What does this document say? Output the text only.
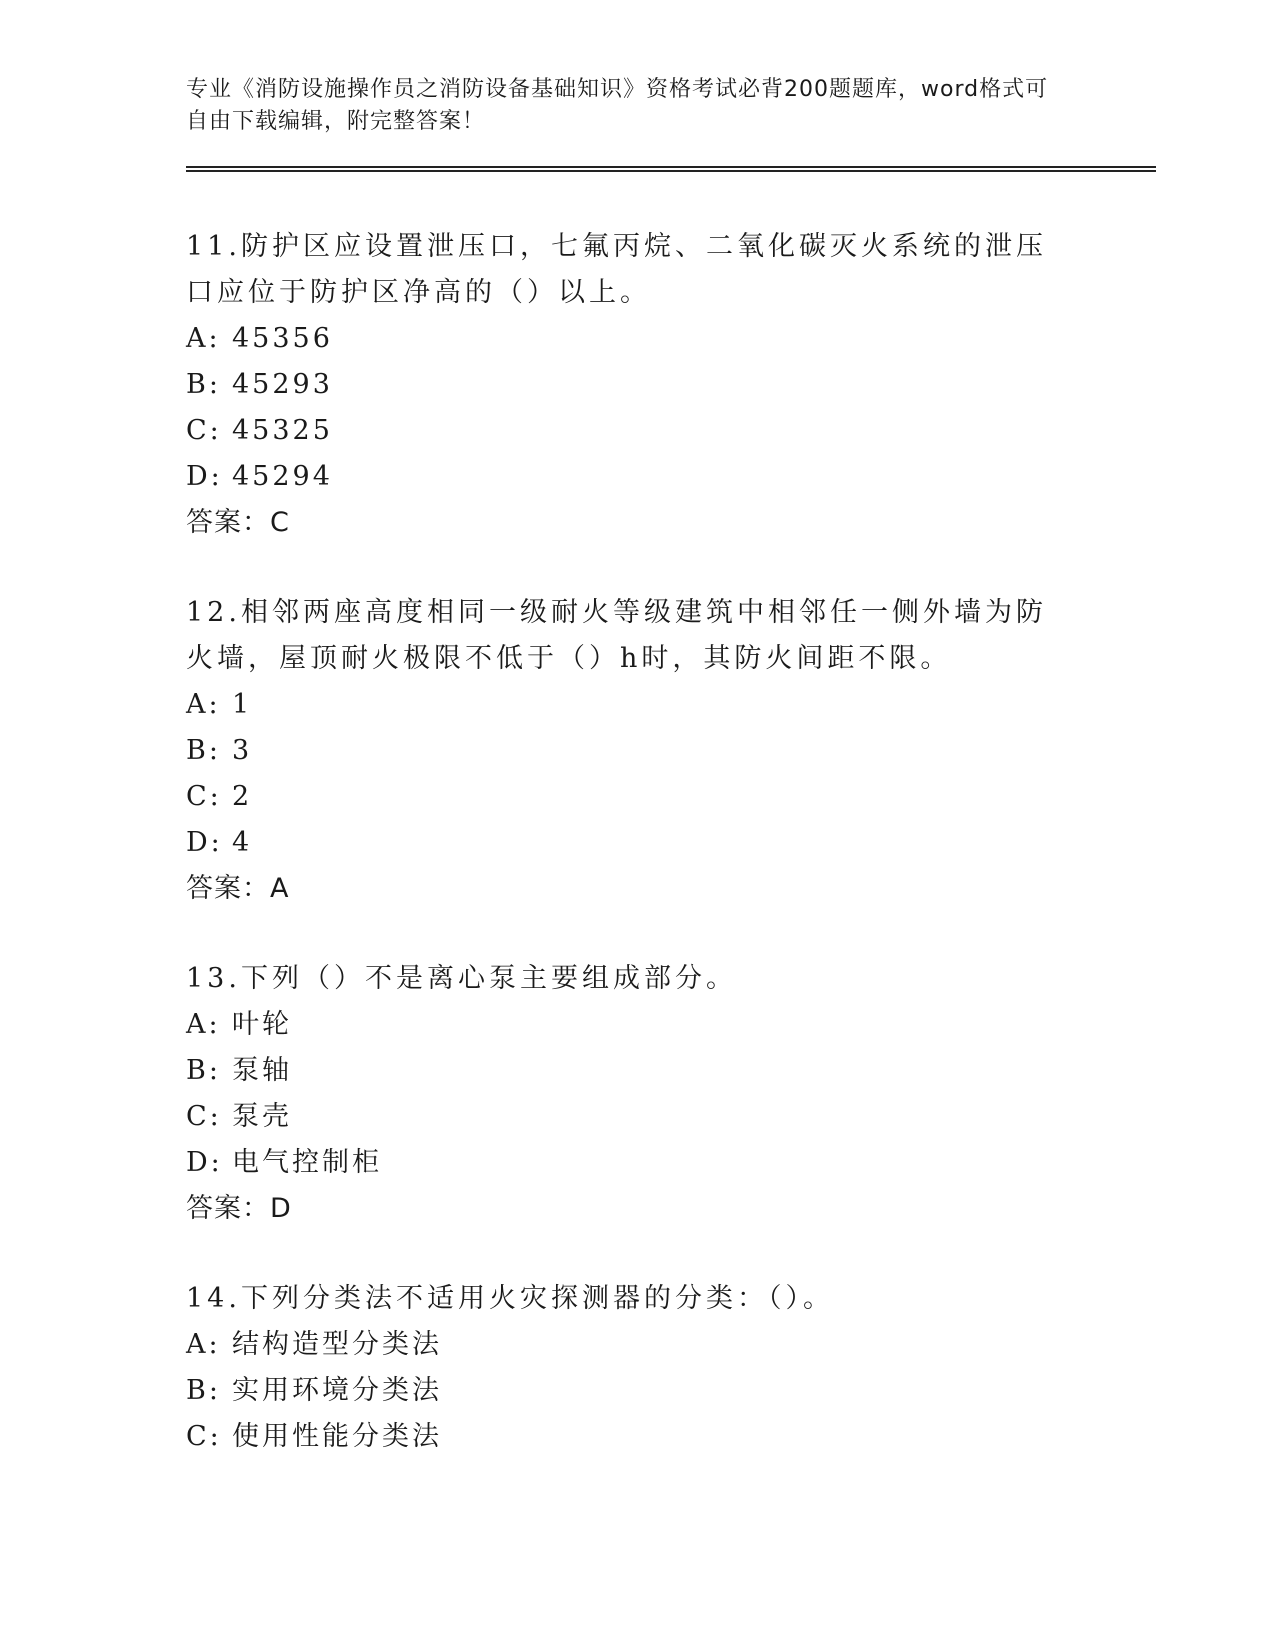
专业《消防设施操作员之消防设备基础知识》资格考试必背200题题库，word格式可自由下载编辑，附完整答案！

11.防护区应设置泄压口，七氟丙烷、二氧化碳灭火系统的泄压口应位于防护区净高的（）以上。

A: 45356

B: 45293

C: 45325

D: 45294

答案：C

12.相邻两座高度相同一级耐火等级建筑中相邻任一侧外墙为防火墙，屋顶耐火极限不低于（）h时，其防火间距不限。

A: 1

B: 3

C: 2

D: 4

答案：A

13.下列（）不是离心泵主要组成部分。

A: 叶轮

B: 泵轴

C: 泵壳

D: 电气控制柜

答案：D

14.下列分类法不适用火灾探测器的分类：（）。

A: 结构造型分类法

B: 实用环境分类法

C: 使用性能分类法
